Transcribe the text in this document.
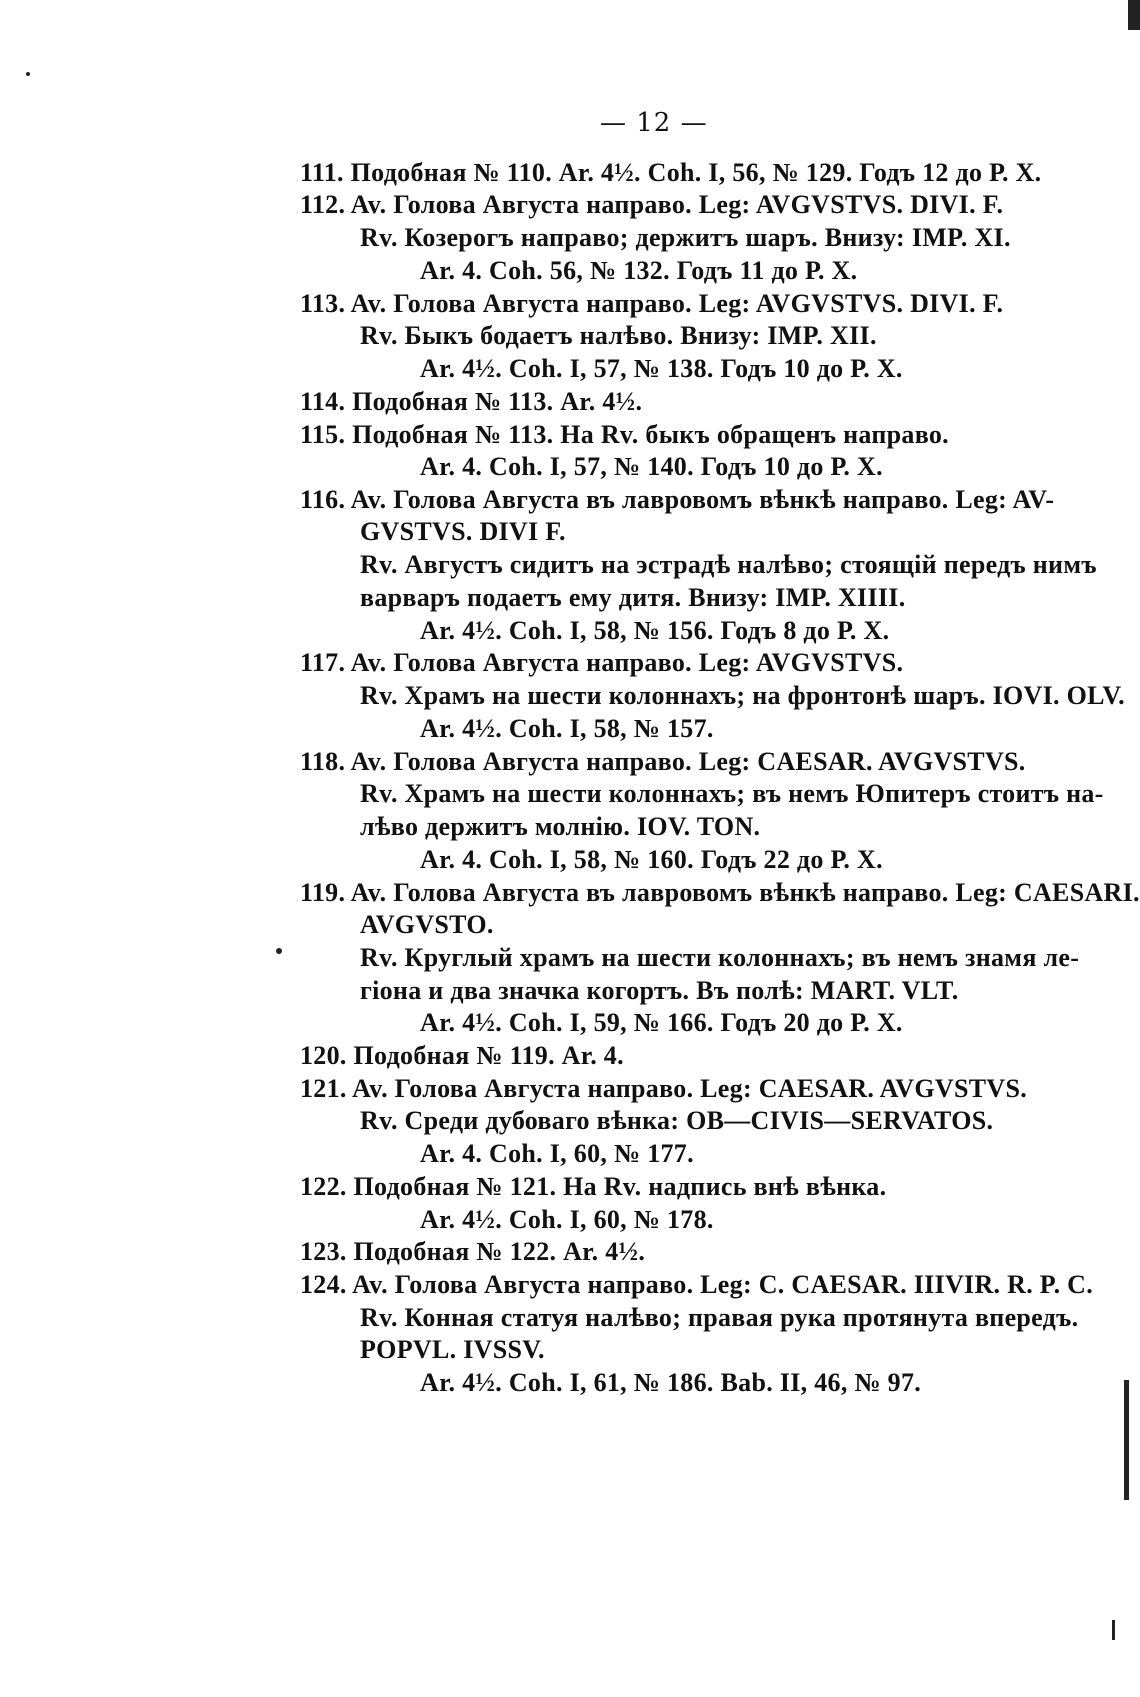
— 12 —
111. Подобная № 110. Ar. 4½. Coh. I, 56, № 129. Годъ 12 до Р. X.
112. Av. Голова Августа направо. Leg: AVGVSTVS. DIVI. F.
Rv. Козерогъ направо; держитъ шаръ. Внизу: IMP. XI.
Ar. 4. Coh. 56, № 132. Годъ 11 до Р. X.
113. Av. Голова Августа направо. Leg: AVGVSTVS. DIVI. F.
Rv. Быкъ бодаетъ налѣво. Внизу: IMP. XII.
Ar. 4½. Coh. I, 57, № 138. Годъ 10 до Р. X.
114. Подобная № 113. Ar. 4½.
115. Подобная № 113. На Rv. быкъ обращенъ направо.
Ar. 4. Coh. I, 57, № 140. Годъ 10 до Р. X.
116. Av. Голова Августа въ лавровомъ вѣнкѣ направо. Leg: AV-
GVSTVS. DIVI F.
Rv. Августъ сидитъ на эстрадѣ налѣво; стоящій передъ нимъ
варваръ подаетъ ему дитя. Внизу: IMP. XIIII.
Ar. 4½. Coh. I, 58, № 156. Годъ 8 до Р. X.
117. Av. Голова Августа направо. Leg: AVGVSTVS.
Rv. Храмъ на шести колоннахъ; на фронтонѣ шаръ. IOVI. OLV.
Ar. 4½. Coh. I, 58, № 157.
118. Av. Голова Августа направо. Leg: CAESAR. AVGVSTVS.
Rv. Храмъ на шести колоннахъ; въ немъ Юпитеръ стоитъ на-
лѣво держитъ молнію. IOV. TON.
Ar. 4. Coh. I, 58, № 160. Годъ 22 до Р. X.
119. Av. Голова Августа въ лавровомъ вѣнкѣ направо. Leg: CAESARI.
AVGVSTO.
Rv. Круглый храмъ на шести колоннахъ; въ немъ знамя ле-
гіона и два значка когортъ. Въ полѣ: MART. VLT.
Ar. 4½. Coh. I, 59, № 166. Годъ 20 до Р. X.
120. Подобная № 119. Ar. 4.
121. Av. Голова Августа направо. Leg: CAESAR. AVGVSTVS.
Rv. Среди дубоваго вѣнка: OB—CIVIS—SERVATOS.
Ar. 4. Coh. I, 60, № 177.
122. Подобная № 121. На Rv. надпись внѣ вѣнка.
Ar. 4½. Coh. I, 60, № 178.
123. Подобная № 122. Ar. 4½.
124. Av. Голова Августа направо. Leg: C. CAESAR. IIIVIR. R. P. C.
Rv. Конная статуя налѣво; правая рука протянута впередъ.
POPVL. IVSSV.
Ar. 4½. Coh. I, 61, № 186. Bab. II, 46, № 97.
